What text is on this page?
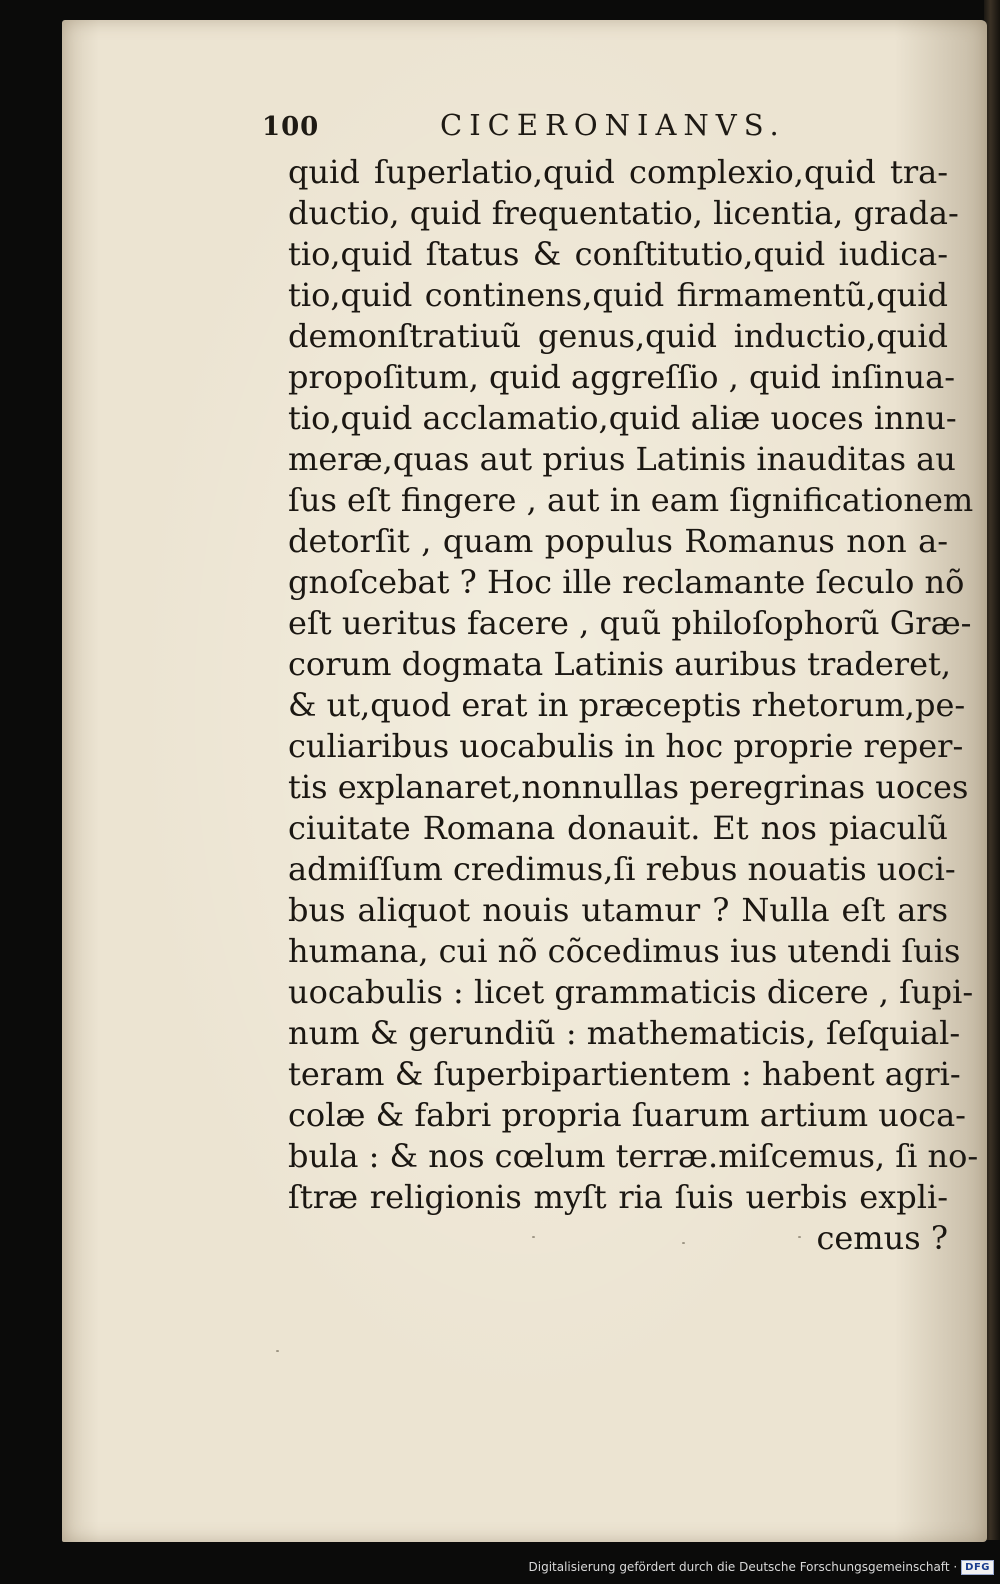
100	CICERONIANVS.
quid ſuperlatio,quid complexio,quid tra-
ductio, quid frequentatio, licentia, grada-
tio,quid ſtatus & conſtitutio,quid iudica-
tio,quid continens,quid firmamentũ,quid
demonſtratiuũ genus,quid inductio,quid
propoſitum, quid aggreſſio , quid inſinua-
tio,quid acclamatio,quid aliæ uoces innu-
meræ,quas aut prius Latinis inauditas au
ſus eſt fingere , aut in eam ſignificationem
detorſit , quam populus Romanus non a-
gnoſcebat ? Hoc ille reclamante ſeculo nõ
eſt ueritus facere , quũ philoſophorũ Græ-
corum dogmata Latinis auribus traderet,
& ut,quod erat in præceptis rhetorum,pe-
culiaribus uocabulis in hoc proprie reper-
tis explanaret,nonnullas peregrinas uoces
ciuitate Romana donauit. Et nos piaculũ
admiſſum credimus,ſi rebus nouatis uoci-
bus aliquot nouis utamur ? Nulla eſt ars
humana, cui nõ cõcedimus ius utendi ſuis
uocabulis : licet grammaticis dicere , ſupi-
num & gerundiũ : mathematicis, ſeſquial-
teram & ſuperbipartientem : habent agri-
colæ & fabri propria ſuarum artium uoca-
bula : & nos cœlum terræ.miſcemus, ſi no-
ſtræ religionis myſt ria ſuis uerbis expli-
cemus ?
Digitalisierung gefördert durch die Deutsche Forschungsgemeinschaft · DFG
